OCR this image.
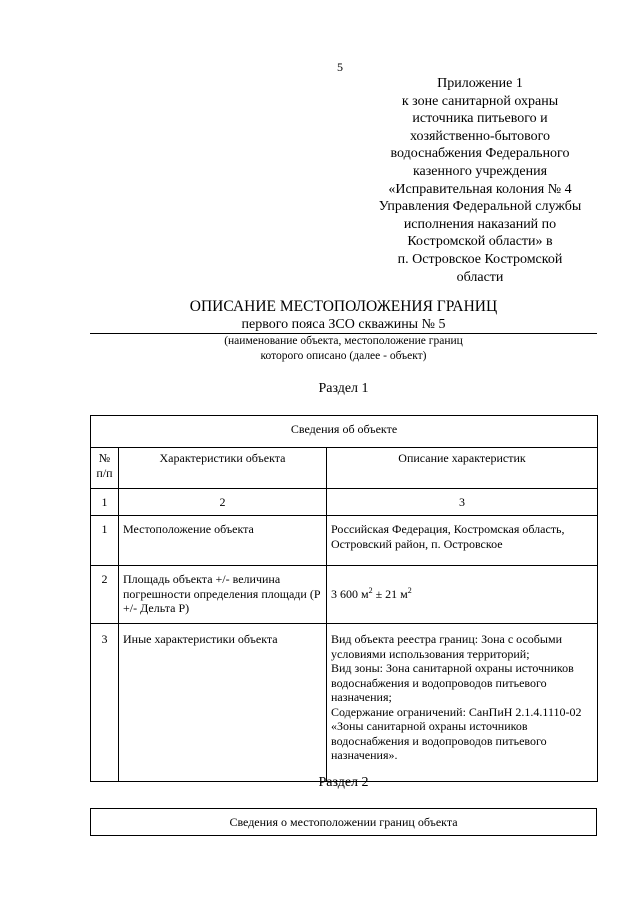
5
Приложение 1
к зоне санитарной охраны
источника питьевого и
хозяйственно-бытового
водоснабжения Федерального
казенного учреждения
«Исправительная колония № 4
Управления Федеральной службы
исполнения наказаний по
Костромской области» в
п. Островское Костромской
области
ОПИСАНИЕ МЕСТОПОЛОЖЕНИЯ ГРАНИЦ
первого пояса ЗСО скважины № 5
(наименование объекта, местоположение границ
которого описано (далее - объект)
Раздел 1
Сведения об объекте		
№ п/п	Характеристики объекта	Описание характеристик
1	2	3
1	Местоположение объекта	Российская Федерация, Костромская область, Островский район, п. Островское
2	Площадь объекта +/- величина погрешности определения площади (P +/- Дельта P)	3 600 $м^2 \pm 21$ $м^2$
3	Иные характеристики объекта	Вид объекта реестра границ: Зона с особыми условиями использования территорий;
Вид зоны: Зона санитарной охраны источников водоснабжения и водопроводов питьевого назначения;
Содержание ограничений: СанПиН 2.1.4.1110-02 «Зоны санитарной охраны источников водоснабжения и водопроводов питьевого назначения».
Раздел 2
Сведения о местоположении границ объекта
